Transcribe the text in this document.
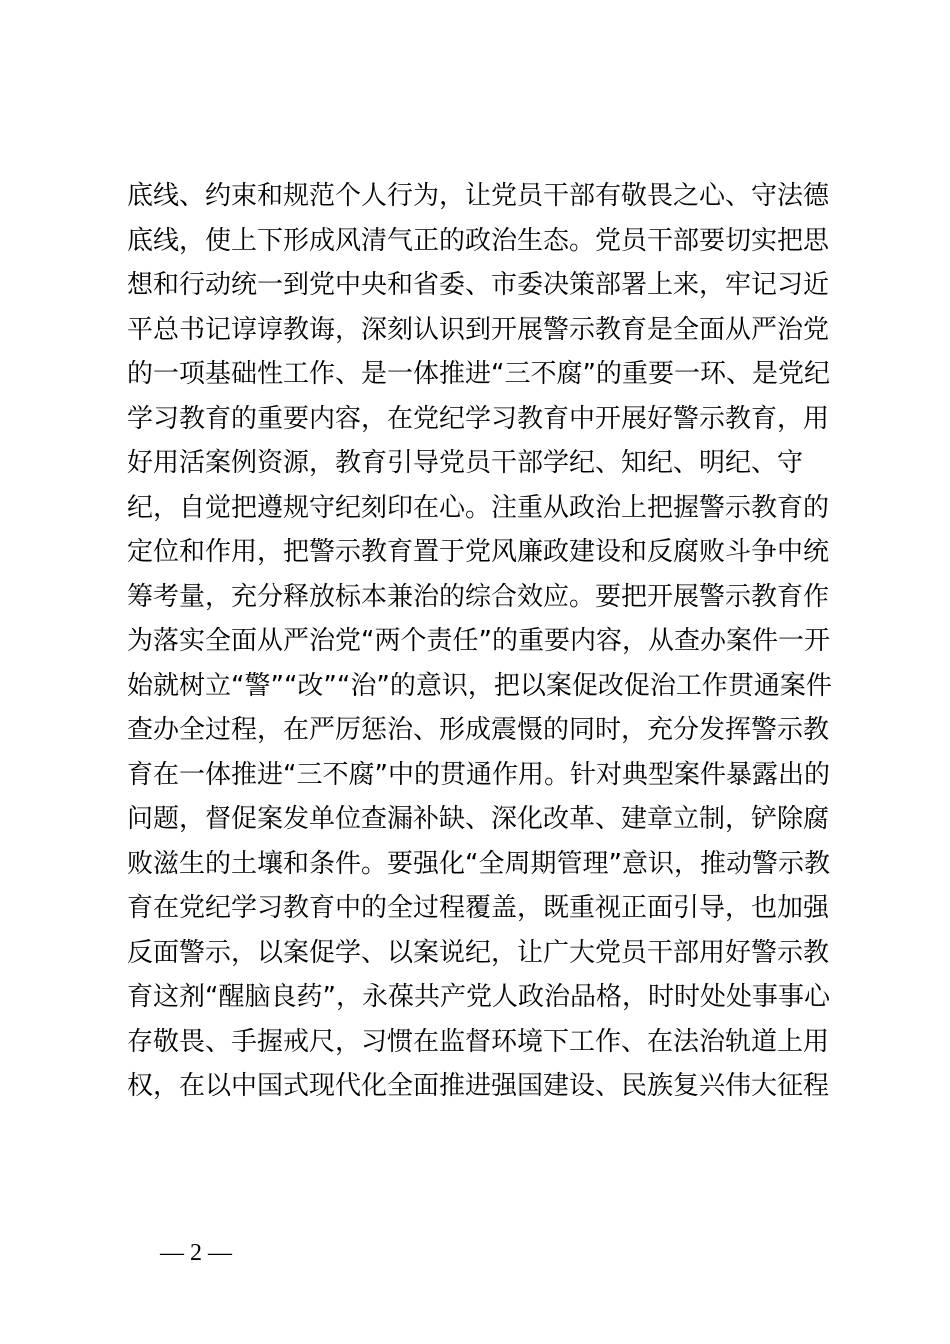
底线、约束和规范个人行为，让党员干部有敬畏之心、守法德
底线，使上下形成风清气正的政治生态。党员干部要切实把思
想和行动统一到党中央和省委、市委决策部署上来，牢记习近
平总书记谆谆教诲，深刻认识到开展警示教育是全面从严治党
的一项基础性工作、是一体推进“三不腐”的重要一环、是党纪
学习教育的重要内容，在党纪学习教育中开展好警示教育，用
好用活案例资源，教育引导党员干部学纪、知纪、明纪、守
纪，自觉把遵规守纪刻印在心。注重从政治上把握警示教育的
定位和作用，把警示教育置于党风廉政建设和反腐败斗争中统
筹考量，充分释放标本兼治的综合效应。要把开展警示教育作
为落实全面从严治党“两个责任”的重要内容，从查办案件一开
始就树立“警”“改”“治”的意识，把以案促改促治工作贯通案件
查办全过程，在严厉惩治、形成震慑的同时，充分发挥警示教
育在一体推进“三不腐”中的贯通作用。针对典型案件暴露出的
问题，督促案发单位查漏补缺、深化改革、建章立制，铲除腐
败滋生的土壤和条件。要强化“全周期管理”意识，推动警示教
育在党纪学习教育中的全过程覆盖，既重视正面引导，也加强
反面警示，以案促学、以案说纪，让广大党员干部用好警示教
育这剂“醒脑良药”，永葆共产党人政治品格，时时处处事事心
存敬畏、手握戒尺，习惯在监督环境下工作、在法治轨道上用
权，在以中国式现代化全面推进强国建设、民族复兴伟大征程
— 2 —
